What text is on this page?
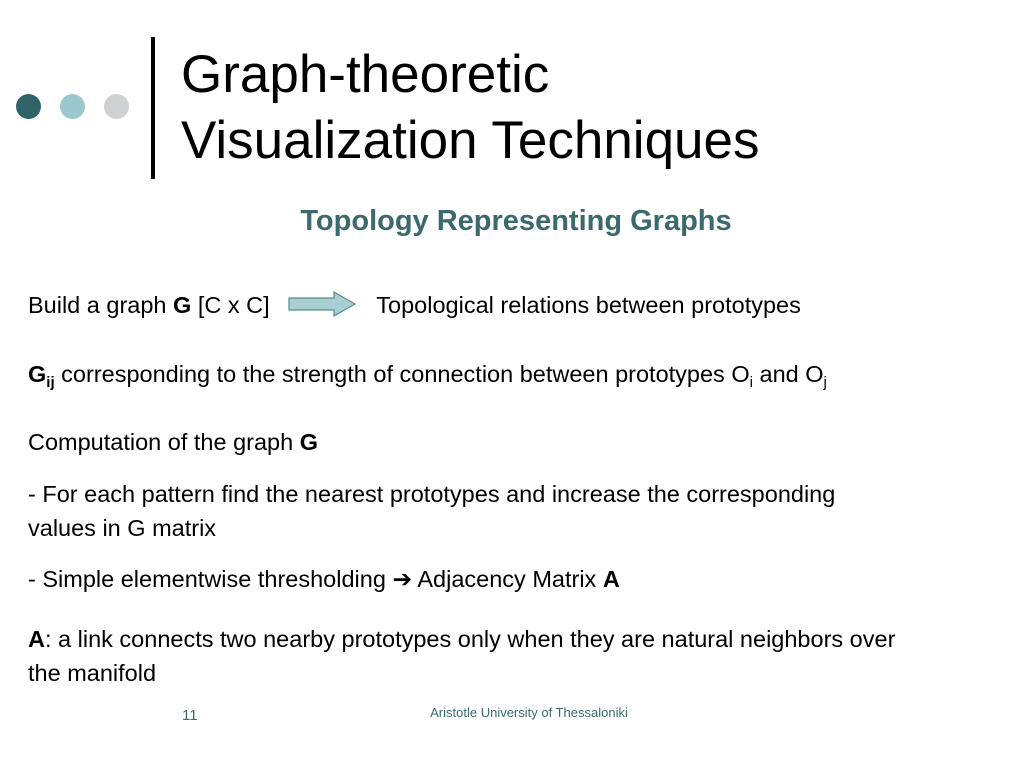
Graph-theoretic
Visualization Techniques
Topology Representing Graphs

Build a graph G [C x C]	Topological relations between prototypes

$G_{ij}$ corresponding to the strength of connection between prototypes $O_i$ and $O_j$

Computation of the graph G

- For each pattern find the nearest prototypes and increase the corresponding values in G matrix

- Simple elementwise thresholding ➔ Adjacency Matrix A

A: a link connects two nearby prototypes only when they are natural neighbors over the manifold

11	Aristotle University of Thessaloniki
